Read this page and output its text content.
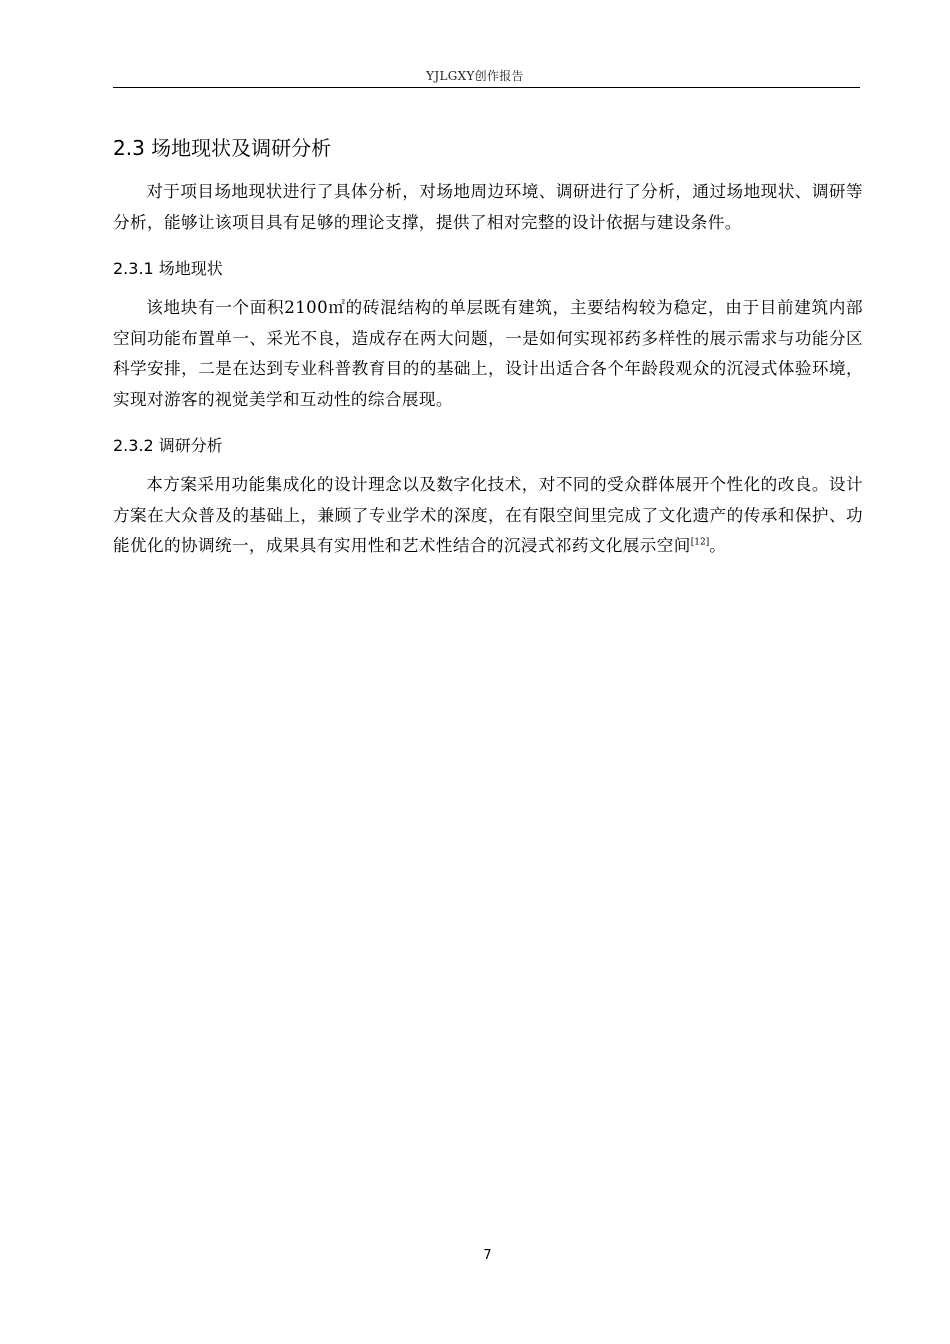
YJLGXY创作报告
2.3 场地现状及调研分析

对于项目场地现状进行了具体分析，对场地周边环境、调研进行了分析，通过场地现状、调研等分析，能够让该项目具有足够的理论支撑，提供了相对完整的设计依据与建设条件。

2.3.1 场地现状

该地块有一个面积2100㎡的砖混结构的单层既有建筑，主要结构较为稳定，由于目前建筑内部空间功能布置单一、采光不良，造成存在两大问题，一是如何实现祁药多样性的展示需求与功能分区科学安排，二是在达到专业科普教育目的的基础上，设计出适合各个年龄段观众的沉浸式体验环境，实现对游客的视觉美学和互动性的综合展现。

2.3.2 调研分析

本方案采用功能集成化的设计理念以及数字化技术，对不同的受众群体展开个性化的改良。设计方案在大众普及的基础上，兼顾了专业学术的深度，在有限空间里完成了文化遗产的传承和保护、功能优化的协调统一，成果具有实用性和艺术性结合的沉浸式祁药文化展示空间[12]。

7
